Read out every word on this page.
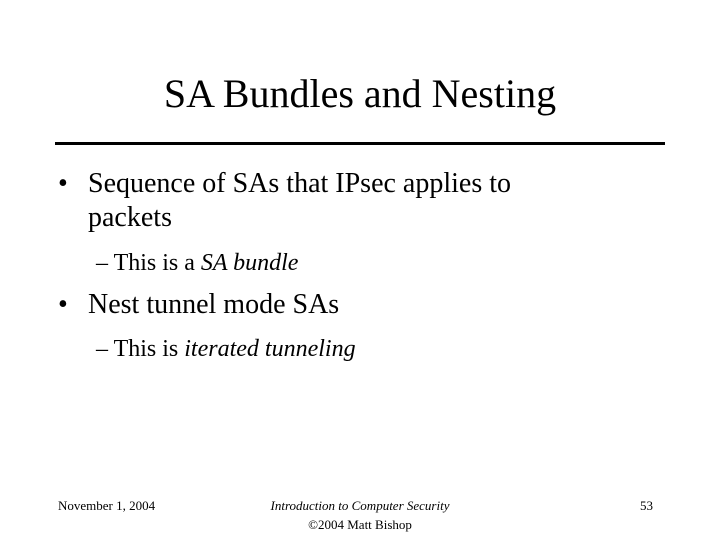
SA Bundles and Nesting
• Sequence of SAs that IPsec applies to
packets
– This is a SA bundle
• Nest tunnel mode SAs
– This is iterated tunneling
November 1, 2004	Introduction to Computer Security
©2004 Matt Bishop
53
